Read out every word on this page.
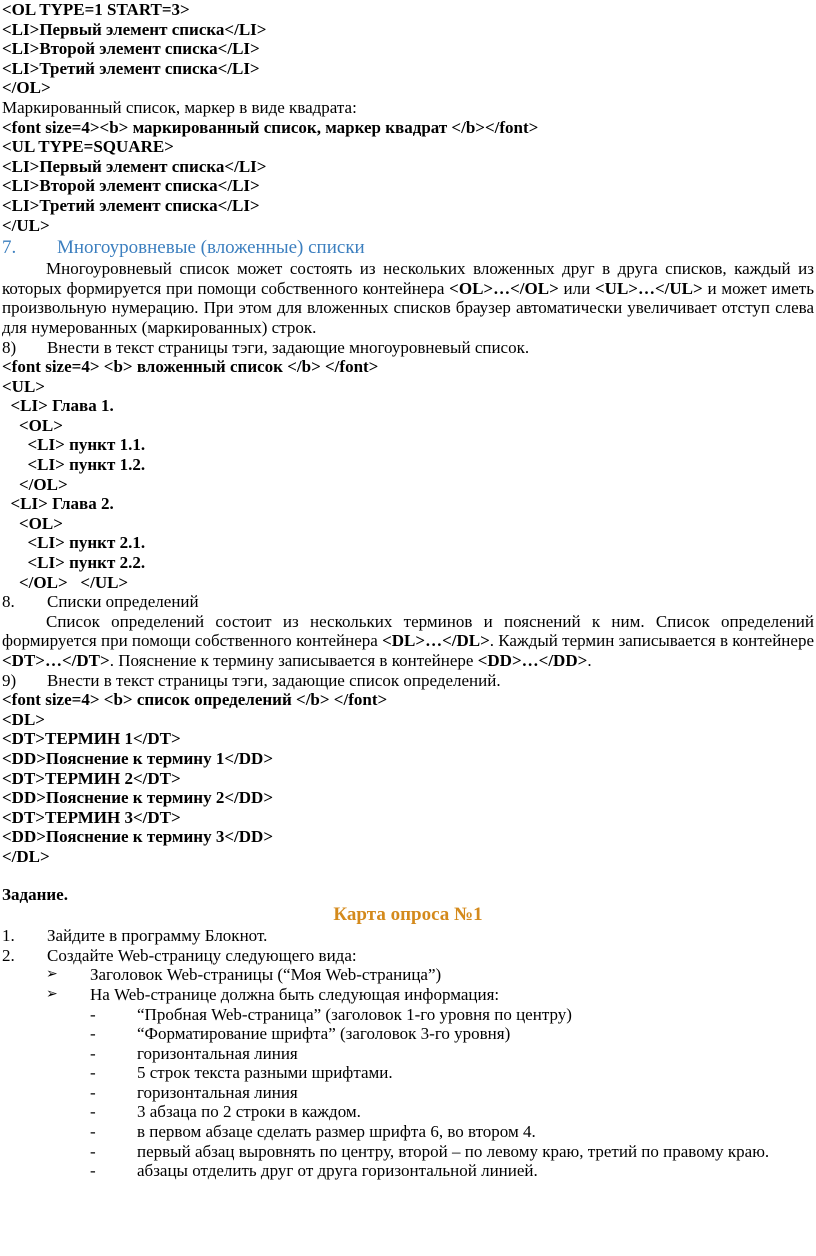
<OL TYPE=1 START=3>

<LI>Первый элемент списка</LI>

<LI>Второй элемент списка</LI>

<LI>Третий элемент списка</LI>

</OL>

Маркированный список, маркер в виде квадрата:

<font size=4><b> маркированный список, маркер квадрат </b></font>

<UL TYPE=SQUARE>

<LI>Первый элемент списка</LI>

<LI>Второй элемент списка</LI>

<LI>Третий элемент списка</LI>

</UL>

7.	Многоуровневые (вложенные) списки

Многоуровневый список может состоять из нескольких вложенных друг в друга списков, каждый из которых формируется при помощи собственного контейнера <OL>…</OL> или <UL>…</UL> и может иметь произвольную нумерацию. При этом для вложенных списков браузер автоматически увеличивает отступ слева для нумерованных (маркированных) строк.

8)	Внести в текст страницы тэги, задающие многоуровневый список.

<font size=4> <b> вложенный список </b> </font>

<UL>

<LI> Глава 1.

<OL>

<LI> пункт 1.1.

<LI> пункт 1.2.

</OL>

<LI> Глава 2.

<OL>

<LI> пункт 2.1.

<LI> пункт 2.2.

</OL>   </UL>

8.	Списки определений

Список определений состоит из нескольких терминов и пояснений к ним. Список определений формируется при помощи собственного контейнера <DL>…</DL>. Каждый термин записывается в контейнере <DT>…</DT>. Пояснение к термину записывается в контейнере <DD>…</DD>.

9)	Внести в текст страницы тэги, задающие список определений.

<font size=4> <b> список определений </b> </font>

<DL>

<DT>ТЕРМИН 1</DT>

<DD>Пояснение к термину 1</DD>

<DT>ТЕРМИН 2</DT>

<DD>Пояснение к термину 2</DD>

<DT>ТЕРМИН 3</DT>

<DD>Пояснение к термину 3</DD>

</DL>

Задание.

Карта опроса №1

1.	Зайдите в программу Блокнот.
2.	Создайте Web-страницу следующего вида:
➢	Заголовок Web-страницы (“Моя Web-страница”)
➢	На Web-странице должна быть следующая информация:
-	“Пробная Web-страница” (заголовок 1-го уровня по центру)
-	“Форматирование шрифта” (заголовок 3-го уровня)
-	горизонтальная линия
-	5 строк текста разными шрифтами.
-	горизонтальная линия
-	3 абзаца по 2 строки в каждом.
-	в первом абзаце сделать размер шрифта 6, во втором 4.
-	первый абзац выровнять по центру, второй – по левому краю, третий по правому краю.
-	абзацы отделить друг от друга горизонтальной линией.
